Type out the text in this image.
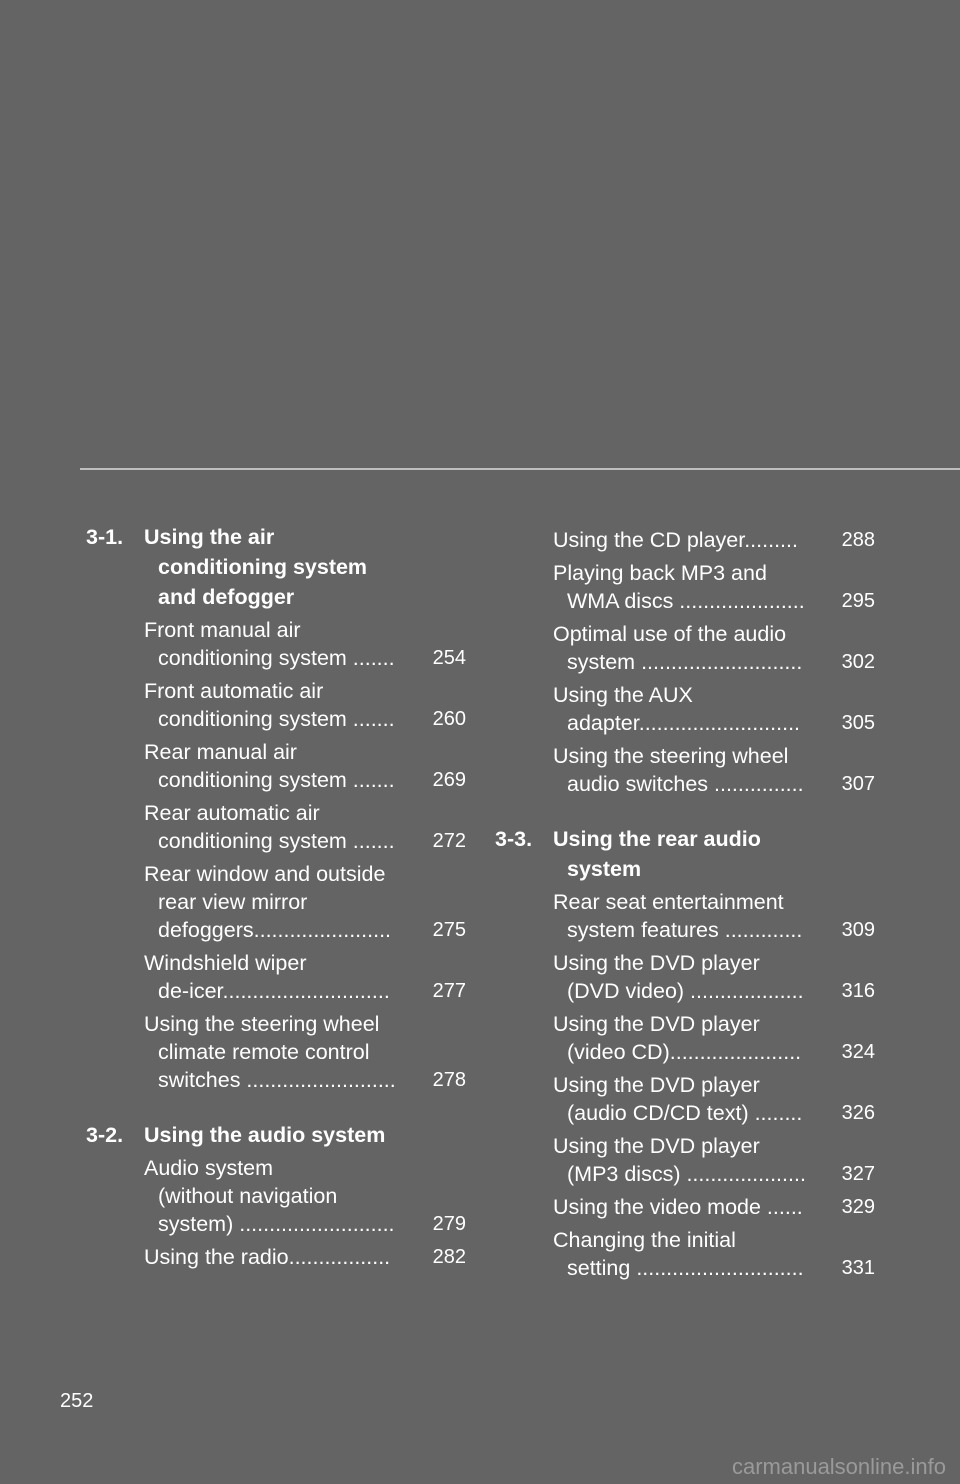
3-1. Using the air conditioning system and defogger
Front manual air
conditioning system .......	254
Front automatic air
conditioning system .......	260
Rear manual air
conditioning system .......	269
Rear automatic air
conditioning system .......	272
Rear window and outside
rear view mirror
defoggers.......................	275
Windshield wiper
de-icer............................	277
Using the steering wheel
climate remote control
switches .........................	278
3-2. Using the audio system
Audio system
(without navigation
system) ..........................	279
Using the radio.................	282
Using the CD player.........	288
Playing back MP3 and
WMA discs .....................	295
Optimal use of the audio
system ...........................	302
Using the AUX
adapter...........................	305
Using the steering wheel
audio switches ...............	307
3-3. Using the rear audio system
Rear seat entertainment
system features .............	309
Using the DVD player
(DVD video) ...................	316
Using the DVD player
(video CD)......................	324
Using the DVD player
(audio CD/CD text) ........	326
Using the DVD player
(MP3 discs) ....................	327
Using the video mode ......	329
Changing the initial
setting ............................	331
252
carmanualsonline.info
